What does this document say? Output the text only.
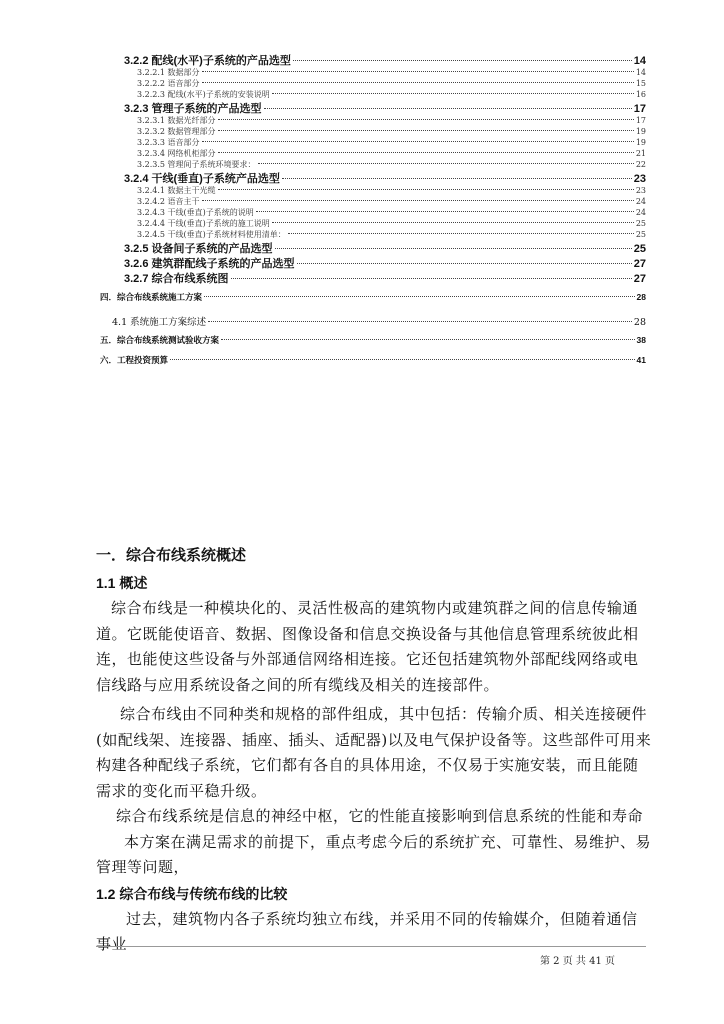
3.2.2 配线(水平)子系统的产品选型	14
3.2.2.1 数据部分	14
3.2.2.2 语音部分	15
3.2.2.3 配线(水平)子系统的安装说明	16
3.2.3 管理子系统的产品选型	17
3.2.3.1 数据光纤部分	17
3.2.3.2 数据管理部分	19
3.2.3.3 语音部分	19
3.2.3.4 网络机柜部分	21
3.2.3.5 管理间子系统环境要求：	22
3.2.4 干线(垂直)子系统产品选型	23
3.2.4.1 数据主干光缆	23
3.2.4.2 语音主干	24
3.2.4.3 干线(垂直)子系统的说明	24
3.2.4.4 干线(垂直)子系统的施工说明	25
3.2.4.5 干线(垂直)子系统材料使用清单：	25
3.2.5 设备间子系统的产品选型	25
3.2.6 建筑群配线子系统的产品选型	27
3.2.7 综合布线系统图	27
四．综合布线系统施工方案	28
4.1 系统施工方案综述	28
五．综合布线系统测试验收方案	38
六．工程投资预算	41
一．综合布线系统概述
1.1 概述

综合布线是一种模块化的、灵活性极高的建筑物内或建筑群之间的信息传输通道。它既能使语音、数据、图像设备和信息交换设备与其他信息管理系统彼此相连，也能使这些设备与外部通信网络相连接。它还包括建筑物外部配线网络或电信线路与应用系统设备之间的所有缆线及相关的连接部件。

综合布线由不同种类和规格的部件组成，其中包括：传输介质、相关连接硬件(如配线架、连接器、插座、插头、适配器)以及电气保护设备等。这些部件可用来构建各种配线子系统，它们都有各自的具体用途，不仅易于实施安装，而且能随需求的变化而平稳升级。

综合布线系统是信息的神经中枢，它的性能直接影响到信息系统的性能和寿命

本方案在满足需求的前提下，重点考虑今后的系统扩充、可靠性、易维护、易管理等问题，

1.2 综合布线与传统布线的比较

过去，建筑物内各子系统均独立布线，并采用不同的传输媒介，但随着通信事业

第 2 页 共 41 页
